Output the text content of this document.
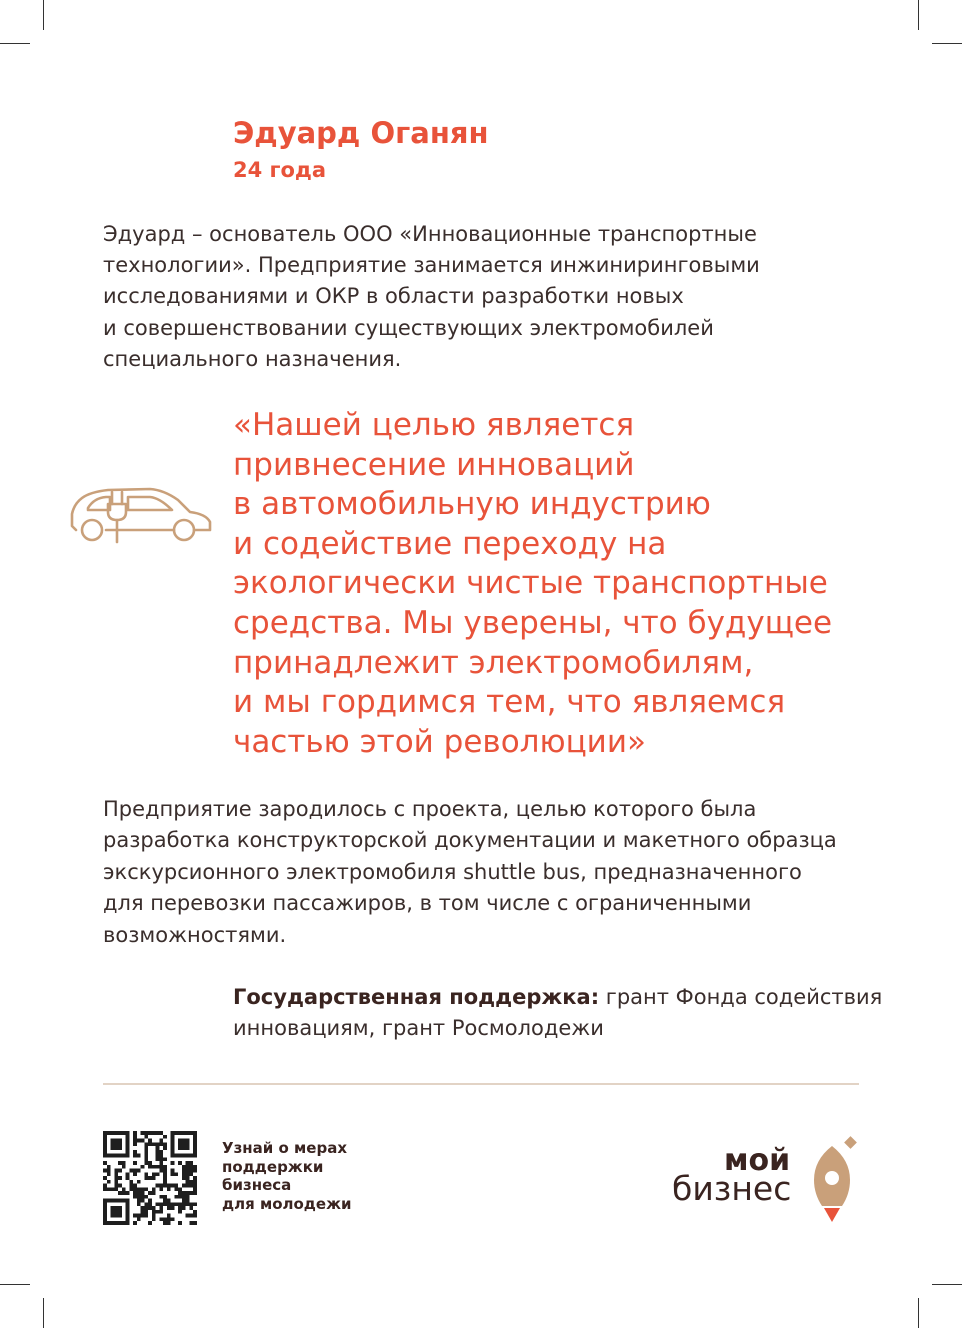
Эдуард Оганян

24 года

Эдуард – основатель ООО «Инновационные транспортные
технологии». Предприятие занимается инжиниринговыми
исследованиями и ОКР в области разработки новых
и совершенствовании существующих электромобилей
специального назначения.

«Нашей целью является
привнесение инноваций
в автомобильную индустрию
и содействие переходу на
экологически чистые транспортные
средства. Мы уверены, что будущее
принадлежит электромобилям,
и мы гордимся тем, что являемся
частью этой революции»

Предприятие зародилось с проекта, целью которого была
разработка конструкторской документации и макетного образца
экскурсионного электромобиля shuttle bus, предназначенного
для перевозки пассажиров, в том числе с ограниченными
возможностями.

Государственная поддержка: грант Фонда содействия инновациям, грант Росмолодежи

Узнай о мерах
поддержки
бизнеса
для молодежи

мой
бизнес
